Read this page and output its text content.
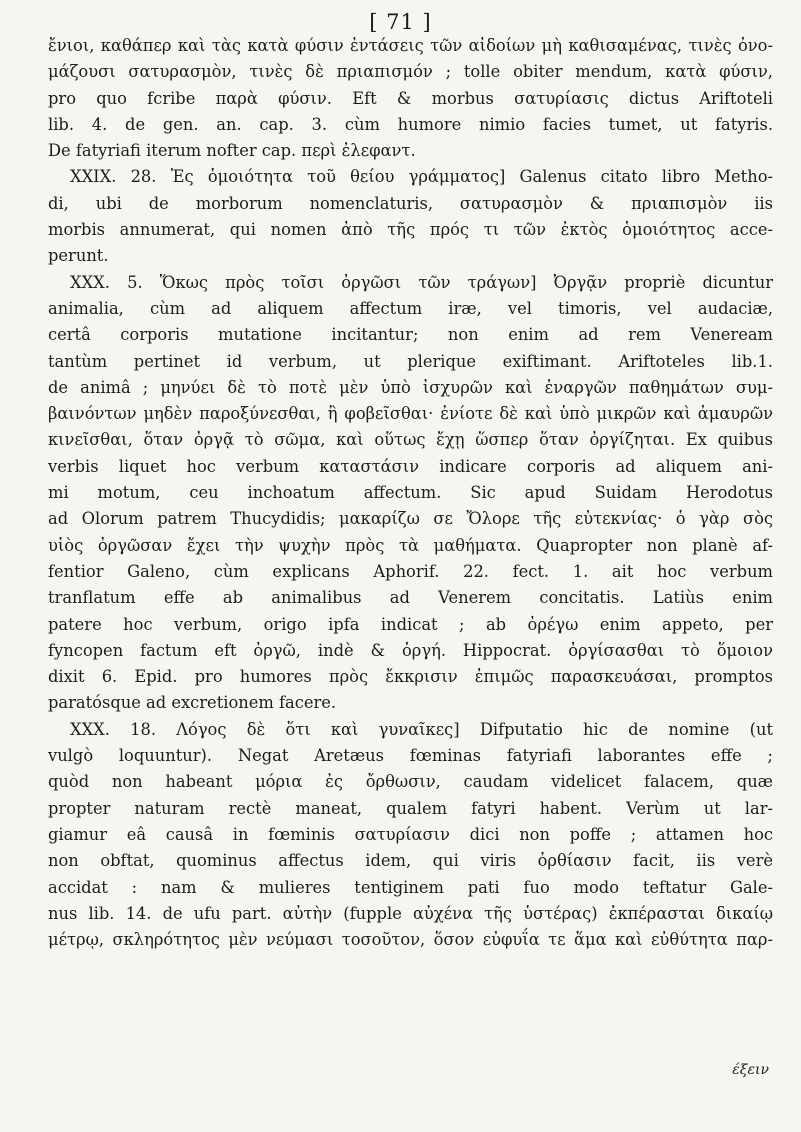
[ 71 ]
ἔνιοι, καθάπερ καὶ τὰς κατὰ φύσιν ἐντάσεις τῶν αἰδοίων μὴ καθισαμένας, τινὲς ὀνο-
μάζουσι σατυρασμὸν, τινὲς δὲ πριαπισμόν ; tolle obiter mendum, κατὰ φύσιν,
pro quo fcribe παρὰ φύσιν. Eft & morbus σατυρίασις dictus Ariftoteli
lib. 4. de gen. an. cap. 3. cùm humore nimio facies tumet, ut fatyris.
De fatyriafi iterum nofter cap. περὶ ἐλεφαντ.
XXIX. 28. Ἐς ὁμοιότητα τοῦ θείου γράμματος] Galenus citato libro Metho-
di, ubi de morborum nomenclaturis, σατυρασμὸν & πριαπισμὸν iis
morbis annumerat, qui nomen ἀπὸ τῆς πρός τι τῶν ἐκτὸς ὁμοιότητος acce-
perunt.
XXX. 5. Ὅκως πρὸς τοῖσι ὀργῶσι τῶν τράγων] Ὀργᾷν propriè dicuntur
animalia, cùm ad aliquem affectum iræ, vel timoris, vel audaciæ,
certâ corporis mutatione incitantur; non enim ad rem Veneream
tantùm pertinet id verbum, ut plerique exiftimant. Ariftoteles lib.1.
de animâ ; μηνύει δὲ τὸ ποτὲ μὲν ὑπὸ ἰσχυρῶν καὶ ἐναργῶν παθημάτων συμ-
βαινόντων μηδὲν παροξύνεσθαι, ἢ φοβεῖσθαι· ἐνίοτε δὲ καὶ ὑπὸ μικρῶν καὶ ἀμαυρῶν
κινεῖσθαι, ὅταν ὀργᾷ τὸ σῶμα, καὶ οὕτως ἔχῃ ὥσπερ ὅταν ὀργίζηται. Ex quibus
verbis liquet hoc verbum καταστάσιν indicare corporis ad aliquem ani-
mi motum, ceu inchoatum affectum. Sic apud Suidam Herodotus
ad Olorum patrem Thucydidis; μακαρίζω σε Ὄλορε τῆς εὐτεκνίας· ὁ γὰρ σὸς
υἱὸς ὀργῶσαν ἔχει τὴν ψυχὴν πρὸς τὰ μαθήματα. Quapropter non planè af-
fentior Galeno, cùm explicans Aphorif. 22. fect. 1. ait hoc verbum
tranflatum effe ab animalibus ad Venerem concitatis. Latiùs enim
patere hoc verbum, origo ipfa indicat ; ab ὀρέγω enim appeto, per
fyncopen factum eft ὀργῶ, indè & ὀργή. Hippocrat. ὀργίσασθαι τὸ ὅμοιον
dixit 6. Epid. pro humores πρὸς ἔκκρισιν ἐπιμῶς παρασκευάσαι, promptos
paratósque ad excretionem facere.
XXX. 18. Λόγος δὲ ὅτι καὶ γυναῖκες] Difputatio hic de nomine (ut
vulgò loquuntur). Negat Aretæus fœminas fatyriafi laborantes effe ;
quòd non habeant μόρια ἐς ὄρθωσιν, caudam videlicet falacem, quæ
propter naturam rectè maneat, qualem fatyri habent. Verùm ut lar-
giamur eâ causâ in fœminis σατυρίασιν dici non poffe ; attamen hoc
non obftat, quominus affectus idem, qui viris ὀρθίασιν facit, iis verè
accidat : nam & mulieres tentiginem pati fuo modo teftatur Gale-
nus lib. 14. de ufu part. αὐτὴν (fupple αὐχένα τῆς ὑστέρας) ἐκπέρασται δικαίῳ
μέτρῳ, σκληρότητος μὲν νεύμασι τοσοῦτον, ὅσον εὐφυΐα τε ἅμα καὶ εὐθύτητα παρ-
έξειν
